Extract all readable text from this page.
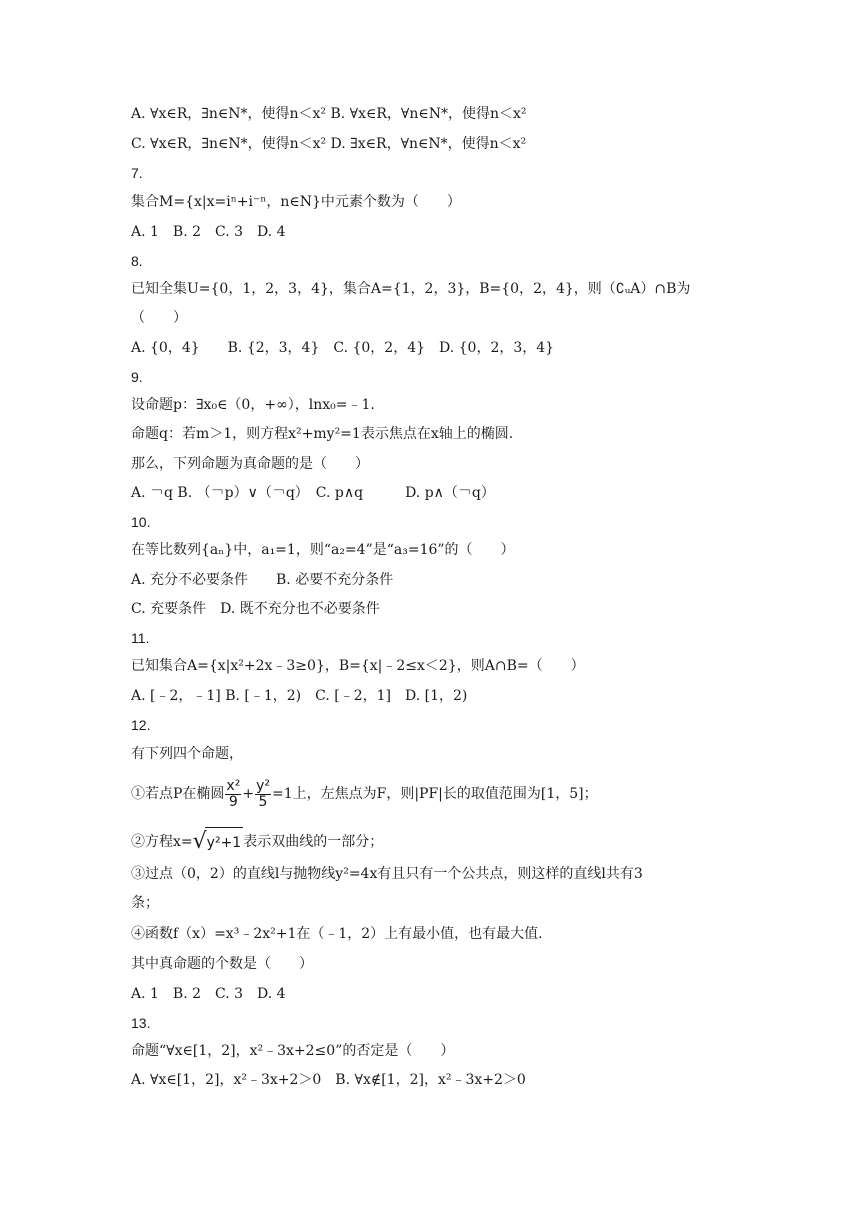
A. ∀x∈R，∃n∈N*，使得n＜x² B. ∀x∈R，∀n∈N*，使得n＜x²
C. ∀x∈R，∃n∈N*，使得n＜x² D. ∃x∈R，∀n∈N*，使得n＜x²
7.
集合M={x|x=iⁿ+i⁻ⁿ，n∈N}中元素个数为（　　）
A. 1　B. 2　C. 3　D. 4
8.
已知全集U={0，1，2，3，4}，集合A={1，2，3}，B={0，2，4}，则（∁ᵤA）∩B为
（　　）
A. {0，4}　　B. {2，3，4}　C. {0，2，4}　D. {0，2，3，4}
9.
设命题p：∃x₀∈（0，+∞），lnx₀=﹣1.
命题q：若m＞1，则方程x²+my²=1表示焦点在x轴上的椭圆.
那么，下列命题为真命题的是（　　）
A. ￢q B. （￢p）∨（￢q）　C. p∧q　　　D. p∧（￢q）
10.
在等比数列{aₙ}中，a₁=1，则“a₂=4”是“a₃=16”的（　　）
A. 充分不必要条件　　B. 必要不充分条件
C. 充要条件　D. 既不充分也不必要条件
11.
已知集合A={x|x²+2x﹣3≥0}，B={x|﹣2≤x＜2}，则A∩B=（　　）
A. [﹣2，﹣1] B. [﹣1，2)　C. [﹣2，1]　D. [1，2)
12.
有下列四个命题，
①若点P在椭圆 $\frac{\text{x²}}{9} + \frac{\text{y²}}{5} =1$上，左焦点为F，则|PF|长的取值范围为[1，5]；
②方程x=√y²+1 表示双曲线的一部分；
③过点（0，2）的直线l与抛物线y²=4x有且只有一个公共点，则这样的直线l共有3
条；
④函数f（x）=x³﹣2x²+1在（﹣1，2）上有最小值，也有最大值.
其中真命题的个数是（　　）
A. 1　B. 2　C. 3　D. 4
13.
命题“∀x∈[1，2]，x²﹣3x+2≤0”的否定是（　　）
A. ∀x∈[1，2]，x²﹣3x+2＞0　B. ∀x∉[1，2]，x²﹣3x+2＞0
